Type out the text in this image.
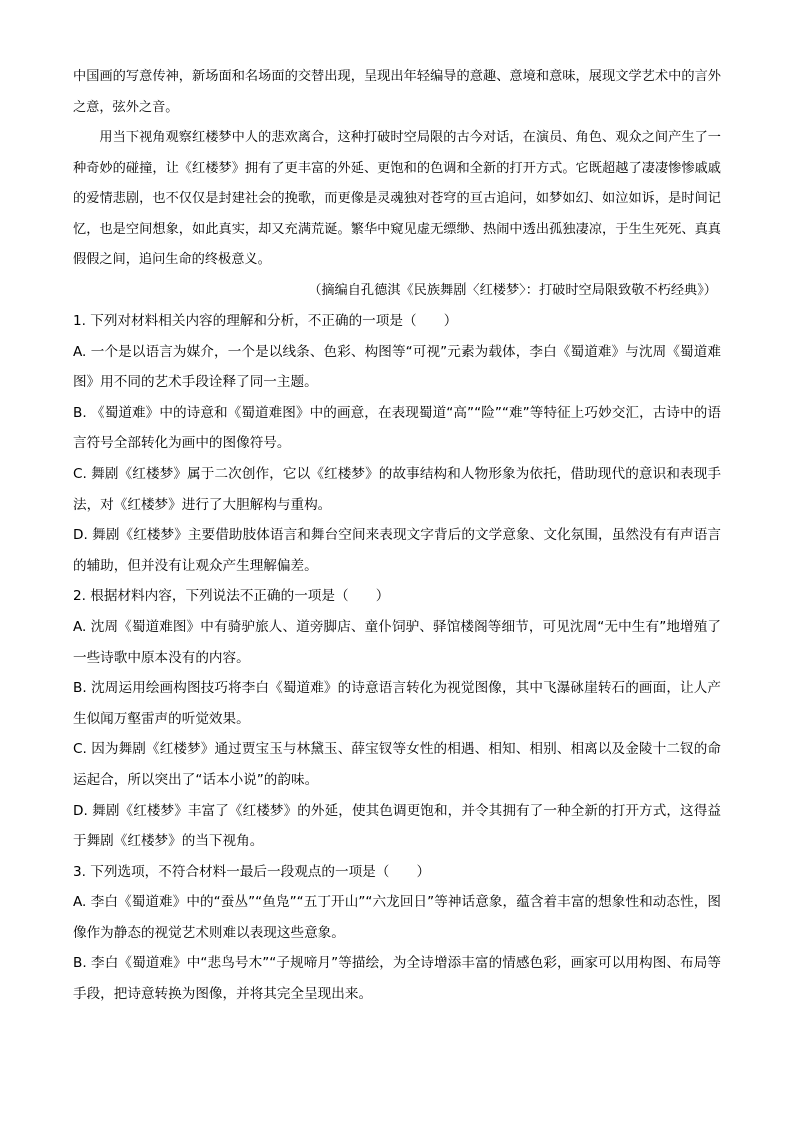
中国画的写意传神，新场面和名场面的交替出现，呈现出年轻编导的意趣、意境和意味，展现文学艺术中的言外之意，弦外之音。

用当下视角观察红楼梦中人的悲欢离合，这种打破时空局限的古今对话，在演员、角色、观众之间产生了一种奇妙的碰撞，让《红楼梦》拥有了更丰富的外延、更饱和的色调和全新的打开方式。它既超越了凄凄惨惨戚戚的爱情悲剧，也不仅仅是封建社会的挽歌，而更像是灵魂独对苍穹的亘古追问，如梦如幻、如泣如诉，是时间记忆，也是空间想象，如此真实，却又充满荒诞。繁华中窥见虚无缥缈、热闹中透出孤独凄凉，于生生死死、真真假假之间，追问生命的终极意义。

（摘编自孔德淇《民族舞剧〈红楼梦〉：打破时空局限致敬不朽经典》）

1. 下列对材料相关内容的理解和分析，不正确的一项是（　　）

A. 一个是以语言为媒介，一个是以线条、色彩、构图等“可视”元素为载体，李白《蜀道难》与沈周《蜀道难图》用不同的艺术手段诠释了同一主题。

B. 《蜀道难》中的诗意和《蜀道难图》中的画意，在表现蜀道“高”“险”“难”等特征上巧妙交汇，古诗中的语言符号全部转化为画中的图像符号。

C. 舞剧《红楼梦》属于二次创作，它以《红楼梦》的故事结构和人物形象为依托，借助现代的意识和表现手法，对《红楼梦》进行了大胆解构与重构。

D. 舞剧《红楼梦》主要借助肢体语言和舞台空间来表现文字背后的文学意象、文化氛围，虽然没有有声语言的辅助，但并没有让观众产生理解偏差。

2. 根据材料内容，下列说法不正确的一项是（　　）

A. 沈周《蜀道难图》中有骑驴旅人、道旁脚店、童仆饲驴、驿馆楼阁等细节，可见沈周“无中生有”地增殖了一些诗歌中原本没有的内容。

B. 沈周运用绘画构图技巧将李白《蜀道难》的诗意语言转化为视觉图像，其中飞瀑砯崖转石的画面，让人产生似闻万壑雷声的听觉效果。

C. 因为舞剧《红楼梦》通过贾宝玉与林黛玉、薛宝钗等女性的相遇、相知、相别、相离以及金陵十二钗的命运起合，所以突出了“话本小说”的韵味。

D. 舞剧《红楼梦》丰富了《红楼梦》的外延，使其色调更饱和，并令其拥有了一种全新的打开方式，这得益于舞剧《红楼梦》的当下视角。

3. 下列选项，不符合材料一最后一段观点的一项是（　　）

A. 李白《蜀道难》中的“蚕丛”“鱼凫”“五丁开山”“六龙回日”等神话意象，蕴含着丰富的想象性和动态性，图像作为静态的视觉艺术则难以表现这些意象。

B. 李白《蜀道难》中“悲鸟号木”“子规啼月”等描绘，为全诗增添丰富的情感色彩，画家可以用构图、布局等手段，把诗意转换为图像，并将其完全呈现出来。
